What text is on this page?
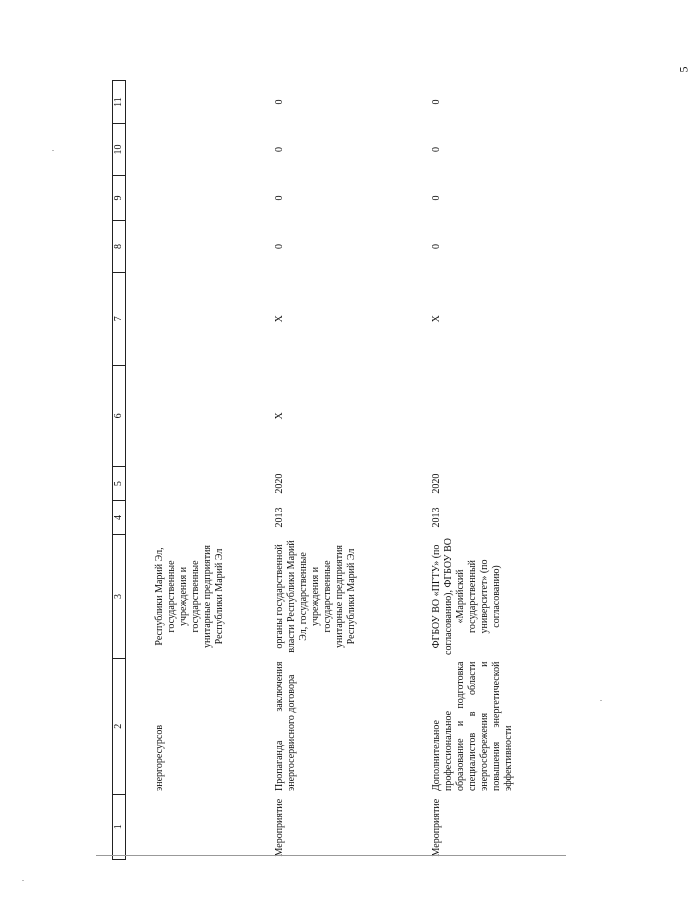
5
1	2	3	4	5	6	7	8	9	10	11
	энергоресурсов	Республики Марий Эл, государственные учреждения и государственные унитарные предприятия Республики Марий Эл								
Мероприятие	Пропаганда заключения энергосервисного договора	органы государственной власти Республики Марий Эл, государственные учреждения и государственные унитарные предприятия Республики Марий Эл	2013	2020	X	X	0	0	0	0
Мероприятие	Дополнительное профессиональное образование и подготовка специалистов в области энергосбережения и повышения энергетической эффективности	ФГБОУ ВО «ПГТУ» (по согласованию), ФГБОУ ВО «Марийский государственный университет» (по согласованию)	2013	2020		X	0	0	0	0
